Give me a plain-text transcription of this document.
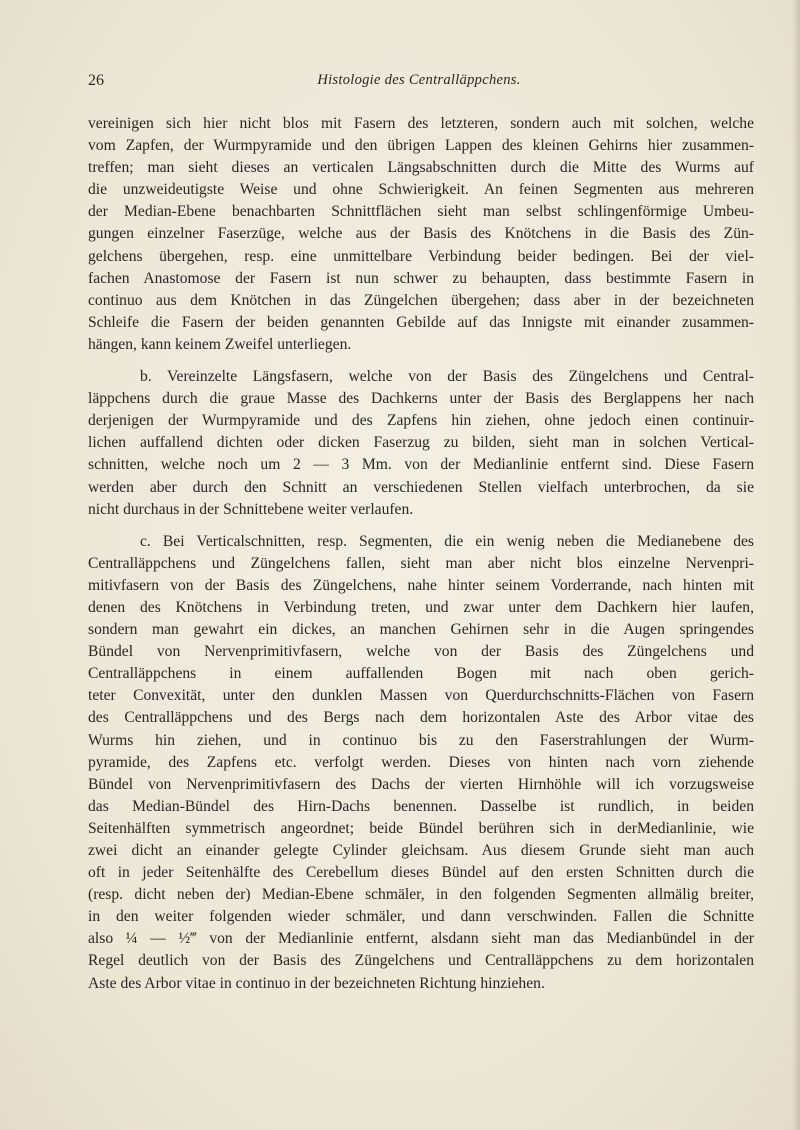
26	Histologie des Centralläppchens.

vereinigen sich hier nicht blos mit Fasern des letzteren, sondern auch mit solchen, welche
vom Zapfen, der Wurmpyramide und den übrigen Lappen des kleinen Gehirns hier zusammen-
treffen; man sieht dieses an verticalen Längsabschnitten durch die Mitte des Wurms auf
die unzweideutigste Weise und ohne Schwierigkeit. An feinen Segmenten aus mehreren
der Median-Ebene benachbarten Schnittflächen sieht man selbst schlingenförmige Umbeu-
gungen einzelner Faserzüge, welche aus der Basis des Knötchens in die Basis des Zün-
gelchens übergehen, resp. eine unmittelbare Verbindung beider bedingen. Bei der viel-
fachen Anastomose der Fasern ist nun schwer zu behaupten, dass bestimmte Fasern in
continuo aus dem Knötchen in das Züngelchen übergehen; dass aber in der bezeichneten
Schleife die Fasern der beiden genannten Gebilde auf das Innigste mit einander zusammen-
hängen, kann keinem Zweifel unterliegen.

b. Vereinzelte Längsfasern, welche von der Basis des Züngelchens und Central-
läppchens durch die graue Masse des Dachkerns unter der Basis des Berglappens her nach
derjenigen der Wurmpyramide und des Zapfens hin ziehen, ohne jedoch einen continuir-
lichen auffallend dichten oder dicken Faserzug zu bilden, sieht man in solchen Vertical-
schnitten, welche noch um 2 — 3 Mm. von der Medianlinie entfernt sind. Diese Fasern
werden aber durch den Schnitt an verschiedenen Stellen vielfach unterbrochen, da sie
nicht durchaus in der Schnittebene weiter verlaufen.

c. Bei Verticalschnitten, resp. Segmenten, die ein wenig neben die Medianebene des
Centralläppchens und Züngelchens fallen, sieht man aber nicht blos einzelne Nervenpri-
mitivfasern von der Basis des Züngelchens, nahe hinter seinem Vorderrande, nach hinten mit
denen des Knötchens in Verbindung treten, und zwar unter dem Dachkern hier laufen,
sondern man gewahrt ein dickes, an manchen Gehirnen sehr in die Augen springendes
Bündel von Nervenprimitivfasern, welche von der Basis des Züngelchens und
Centralläppchens in einem auffallenden Bogen mit nach oben gerich-
teter Convexität, unter den dunklen Massen von Querdurchschnitts-Flächen von Fasern
des Centralläppchens und des Bergs nach dem horizontalen Aste des Arbor vitae des
Wurms hin ziehen, und in continuo bis zu den Faserstrahlungen der Wurm-
pyramide, des Zapfens etc. verfolgt werden. Dieses von hinten nach vorn ziehende
Bündel von Nervenprimitivfasern des Dachs der vierten Hirnhöhle will ich vorzugsweise
das Median-Bündel des Hirn-Dachs benennen. Dasselbe ist rundlich, in beiden
Seitenhälften symmetrisch angeordnet; beide Bündel berühren sich in derMedianlinie, wie
zwei dicht an einander gelegte Cylinder gleichsam. Aus diesem Grunde sieht man auch
oft in jeder Seitenhälfte des Cerebellum dieses Bündel auf den ersten Schnitten durch die
(resp. dicht neben der) Median-Ebene schmäler, in den folgenden Segmenten allmälig breiter,
in den weiter folgenden wieder schmäler, und dann verschwinden. Fallen die Schnitte
also ¼ — ½‴ von der Medianlinie entfernt, alsdann sieht man das Medianbündel in der
Regel deutlich von der Basis des Züngelchens und Centralläppchens zu dem horizontalen
Aste des Arbor vitae in continuo in der bezeichneten Richtung hinziehen.
